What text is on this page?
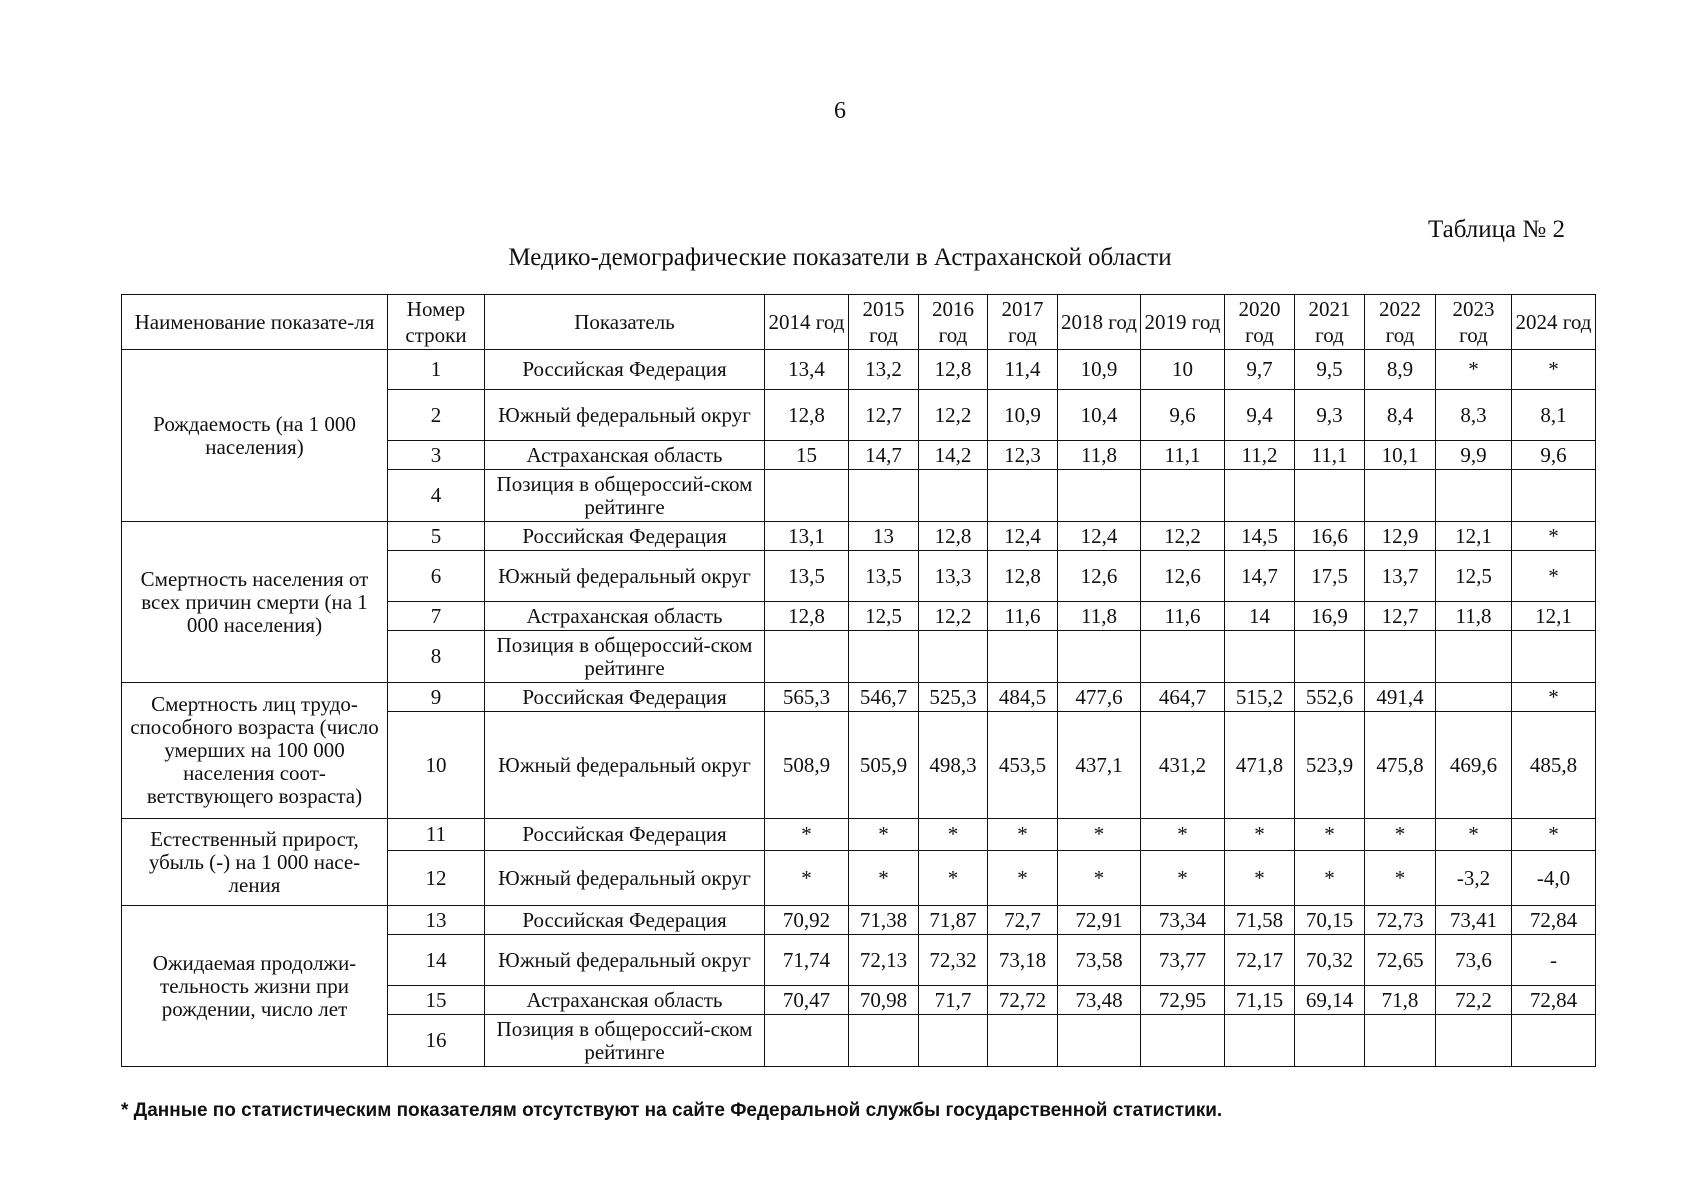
6
Таблица № 2
Медико-демографические показатели в Астраханской области
Наименование показате-ля	Номер строки	Показатель	2014 год	2015 год	2016 год	2017 год	2018 год	2019 год	2020 год	2021 год	2022 год	2023 год	2024 год
Рождаемость (на 1 000 населения)	1	Российская Федерация	13,4	13,2	12,8	11,4	10,9	10	9,7	9,5	8,9	*	*
	2	Южный федеральный округ	12,8	12,7	12,2	10,9	10,4	9,6	9,4	9,3	8,4	8,3	8,1
	3	Астраханская область	15	14,7	14,2	12,3	11,8	11,1	11,2	11,1	10,1	9,9	9,6
	4	Позиция в общероссий-ском рейтинге											
Смертность населения от всех причин смерти (на 1 000 населения)	5	Российская Федерация	13,1	13	12,8	12,4	12,4	12,2	14,5	16,6	12,9	12,1	*
	6	Южный федеральный округ	13,5	13,5	13,3	12,8	12,6	12,6	14,7	17,5	13,7	12,5	*
	7	Астраханская область	12,8	12,5	12,2	11,6	11,8	11,6	14	16,9	12,7	11,8	12,1
	8	Позиция в общероссий-ском рейтинге											
Смертность лиц трудо-способного возраста (число умерших на 100 000 населения соот-ветствующего возраста)	9	Российская Федерация	565,3	546,7	525,3	484,5	477,6	464,7	515,2	552,6	491,4		*
	10	Южный федеральный округ	508,9	505,9	498,3	453,5	437,1	431,2	471,8	523,9	475,8	469,6	485,8
Естественный прирост, убыль (-) на 1 000 насе-ления	11	Российская Федерация	*	*	*	*	*	*	*	*	*	*	*
	12	Южный федеральный округ	*	*	*	*	*	*	*	*	*	-3,2	-4,0
Ожидаемая продолжи-тельность жизни при рождении, число лет	13	Российская Федерация	70,92	71,38	71,87	72,7	72,91	73,34	71,58	70,15	72,73	73,41	72,84
	14	Южный федеральный округ	71,74	72,13	72,32	73,18	73,58	73,77	72,17	70,32	72,65	73,6	-
	15	Астраханская область	70,47	70,98	71,7	72,72	73,48	72,95	71,15	69,14	71,8	72,2	72,84
	16	Позиция в общероссий-ском рейтинге											
* Данные по статистическим показателям отсутствуют на сайте Федеральной службы государственной статистики.
